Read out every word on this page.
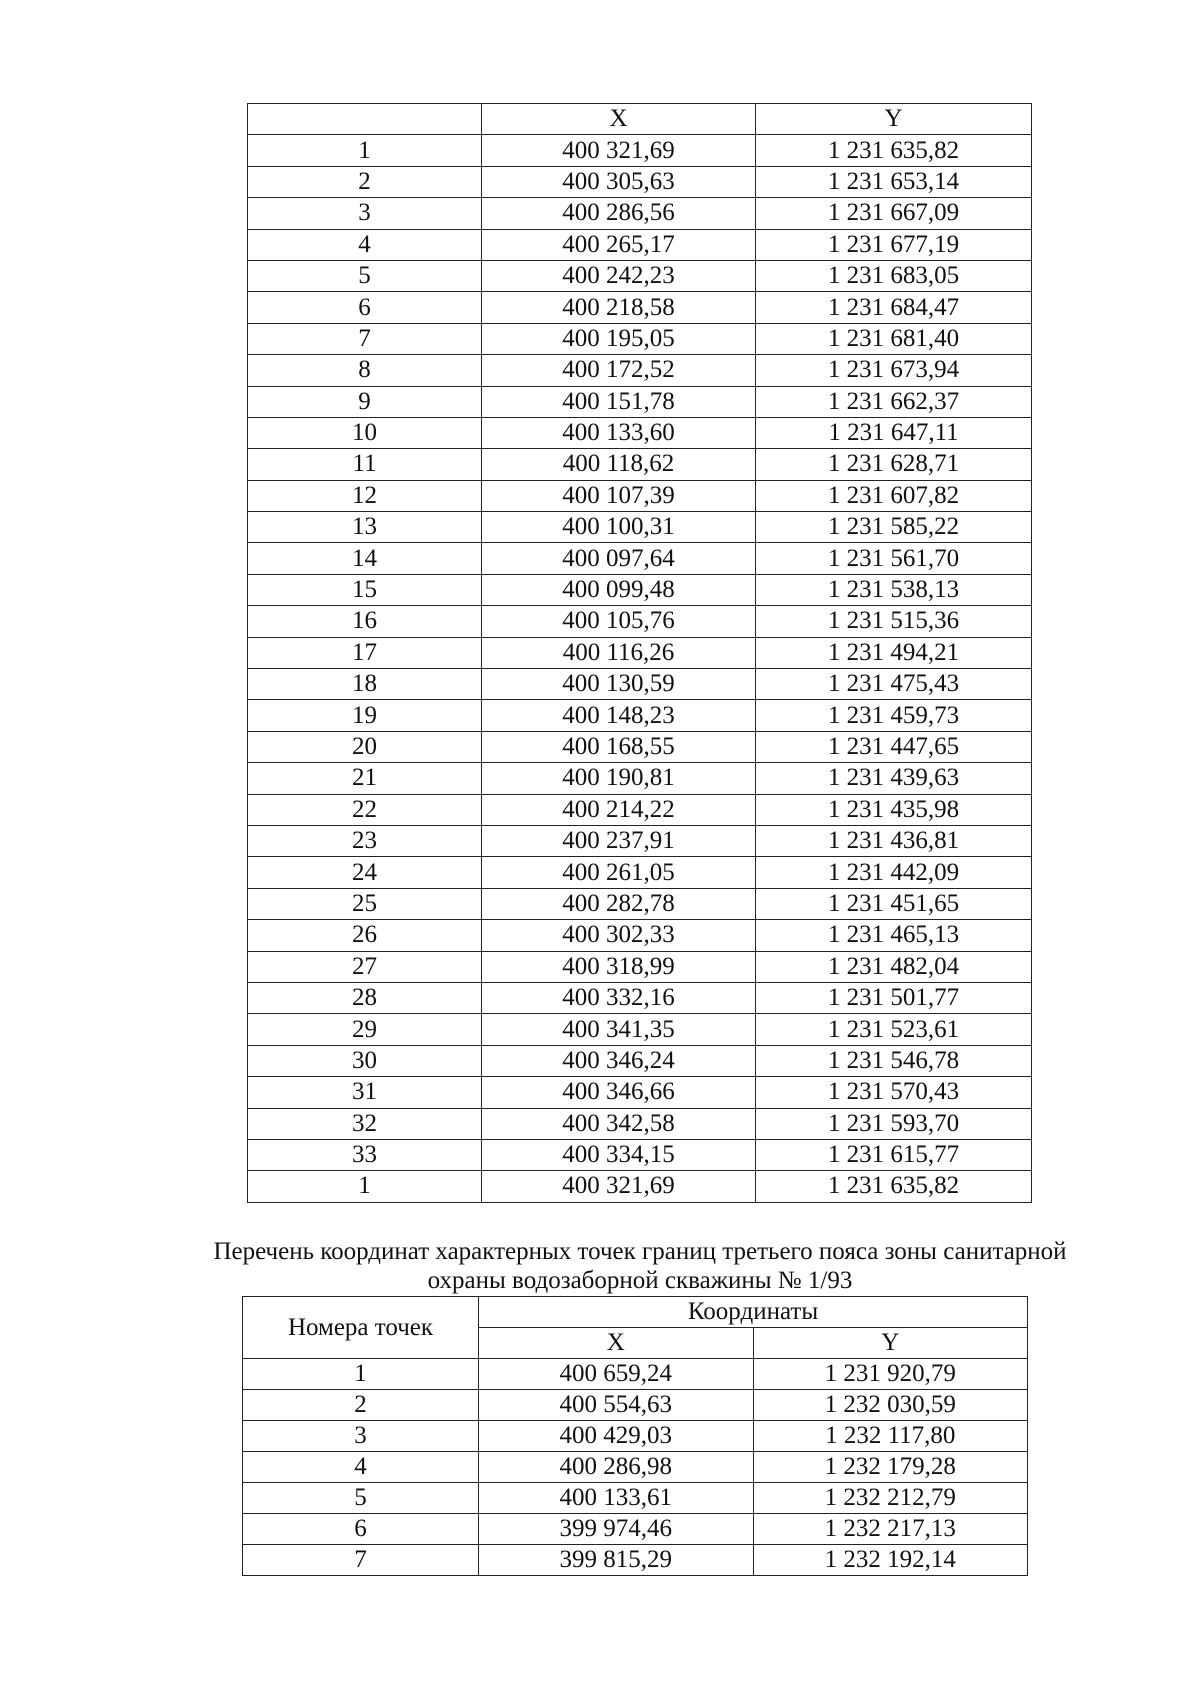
	X	Y
1	400 321,69	1 231 635,82
2	400 305,63	1 231 653,14
3	400 286,56	1 231 667,09
4	400 265,17	1 231 677,19
5	400 242,23	1 231 683,05
6	400 218,58	1 231 684,47
7	400 195,05	1 231 681,40
8	400 172,52	1 231 673,94
9	400 151,78	1 231 662,37
10	400 133,60	1 231 647,11
11	400 118,62	1 231 628,71
12	400 107,39	1 231 607,82
13	400 100,31	1 231 585,22
14	400 097,64	1 231 561,70
15	400 099,48	1 231 538,13
16	400 105,76	1 231 515,36
17	400 116,26	1 231 494,21
18	400 130,59	1 231 475,43
19	400 148,23	1 231 459,73
20	400 168,55	1 231 447,65
21	400 190,81	1 231 439,63
22	400 214,22	1 231 435,98
23	400 237,91	1 231 436,81
24	400 261,05	1 231 442,09
25	400 282,78	1 231 451,65
26	400 302,33	1 231 465,13
27	400 318,99	1 231 482,04
28	400 332,16	1 231 501,77
29	400 341,35	1 231 523,61
30	400 346,24	1 231 546,78
31	400 346,66	1 231 570,43
32	400 342,58	1 231 593,70
33	400 334,15	1 231 615,77
1	400 321,69	1 231 635,82
Перечень координат характерных точек границ третьего пояса зоны санитарной
охраны водозаборной скважины № 1/93
Номера точек	Координаты	
	X	Y
1	400 659,24	1 231 920,79
2	400 554,63	1 232 030,59
3	400 429,03	1 232 117,80
4	400 286,98	1 232 179,28
5	400 133,61	1 232 212,79
6	399 974,46	1 232 217,13
7	399 815,29	1 232 192,14
